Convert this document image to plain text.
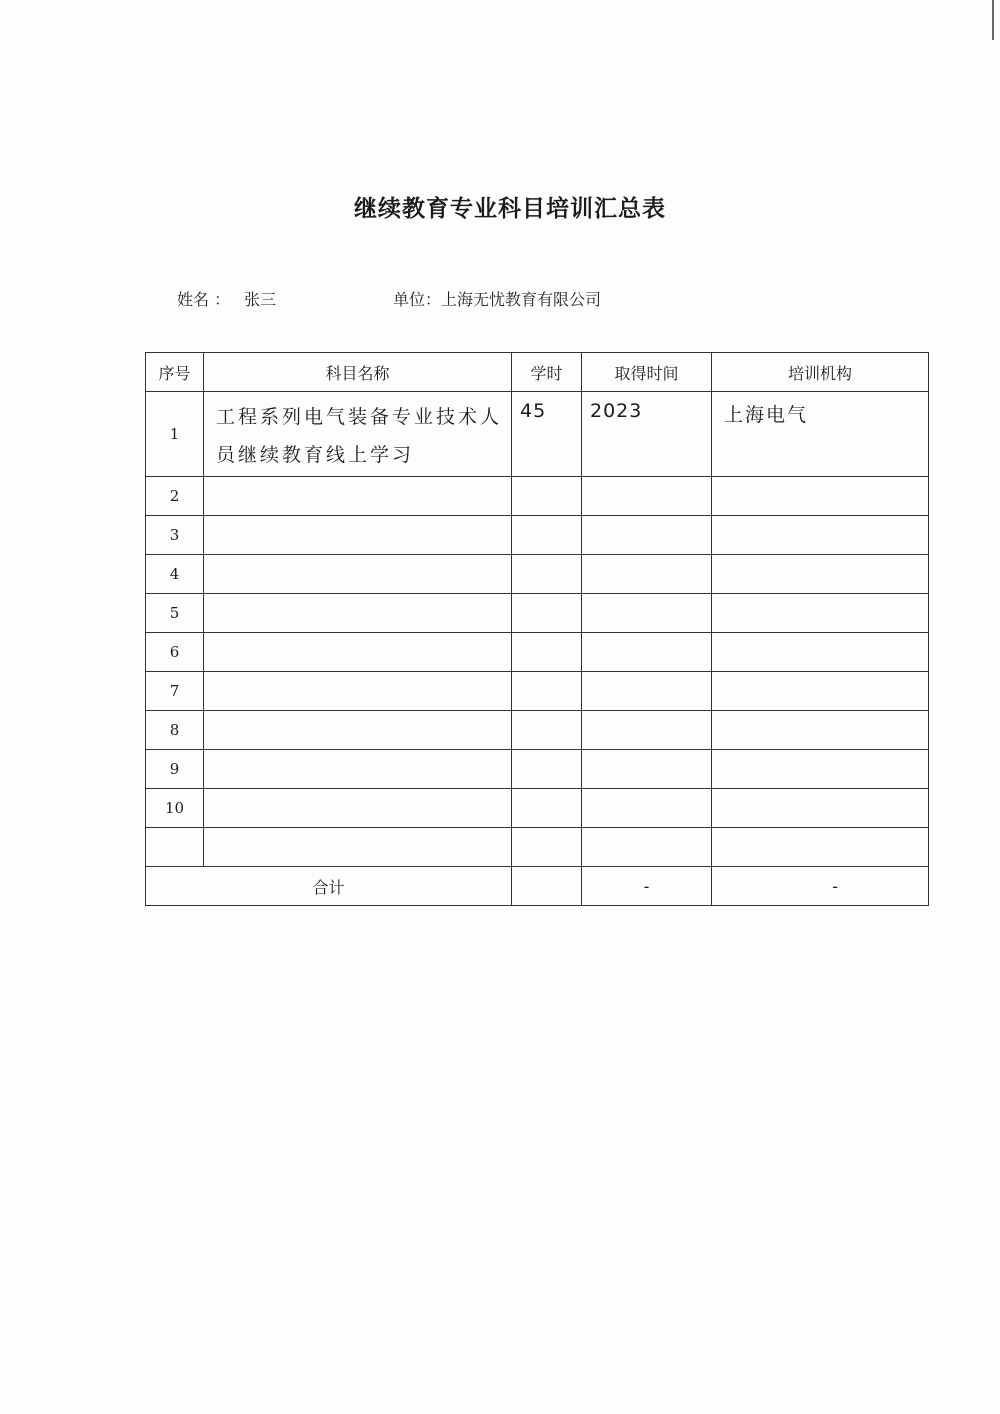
继续教育专业科目培训汇总表
姓名 ： 张三	单位：上海无忧教育有限公司
序号	科目名称	学时	取得时间	培训机构
1	工程系列电气装备专业技术人员继续教育线上学习	45	2023	上海电气
2				
3				
4				
5				
6				
7				
8				
9				
10				

合计			-	-
